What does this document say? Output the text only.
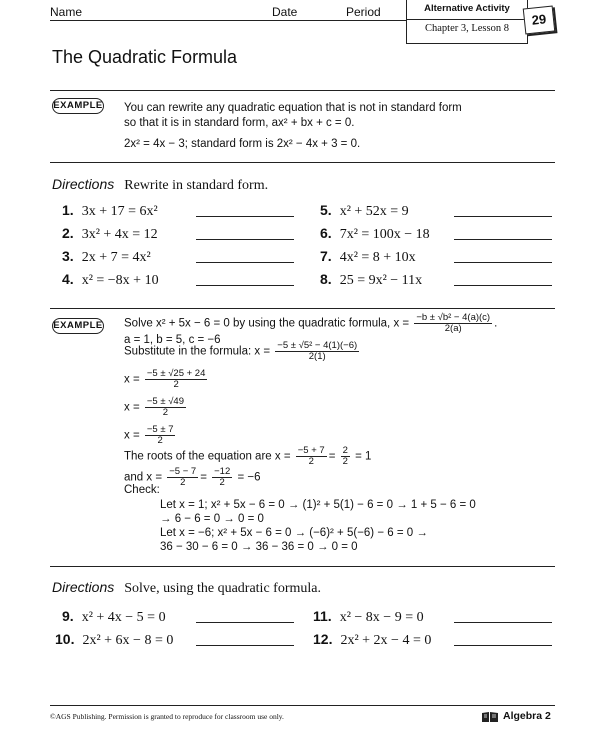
Name	Date	Period	Alternative Activity
Chapter 3, Lesson 8
29
The Quadratic Formula
EXAMPLE You can rewrite any quadratic equation that is not in standard form
so that it is in standard form, ax² + bx + c = 0.
2x² = 4x − 3; standard form is 2x² − 4x + 3 = 0.
Directions Rewrite in standard form.
1. 3x + 17 = 6x²
2. 3x² + 4x = 12
3. 2x + 7 = 4x²
4. x² = −8x + 10
5. x² + 52x = 9
6. 7x² = 100x − 18
7. 4x² = 8 + 10x
8. 25 = 9x² − 11x
EXAMPLE Solve x² + 5x − 6 = 0 by using the quadratic formula, $x = \frac{\text{−b ± √b² − 4(a)(c)}}{2(a)}$ .
a = 1, b = 5, c = −6
Substitute in the formula: $x = \frac{\text{−5 ± √5² − 4(1)(−6)}}{2(1)}$
$x = \frac{-5 \pm √25 + 24}{2}$
$x = \frac{-5 \pm √49}{2}$
$x = \frac{-5 \pm 7}{2}$
The roots of the equation are $x = \frac{-5 + 7}{2} = \frac{2}{2} = 1$
and $x = \frac{-5 - 7}{2} = \frac{-12}{2} = -6$
Check:
Let x = 1; x² + 5x − 6 = 0 → (1)² + 5(1) − 6 = 0 → 1 + 5 − 6 = 0
→ 6 − 6 = 0 → 0 = 0
Let x = −6; x² + 5x − 6 = 0 → (−6)² + 5(−6) − 6 = 0 →
36 − 30 − 6 = 0 → 36 − 36 = 0 → 0 = 0
Directions Solve, using the quadratic formula.
9. x² + 4x − 5 = 0
10. 2x² + 6x − 8 = 0
11. x² − 8x − 9 = 0
12. 2x² + 2x − 4 = 0
©AGS Publishing. Permission is granted to reproduce for classroom use only.	Algebra 2
